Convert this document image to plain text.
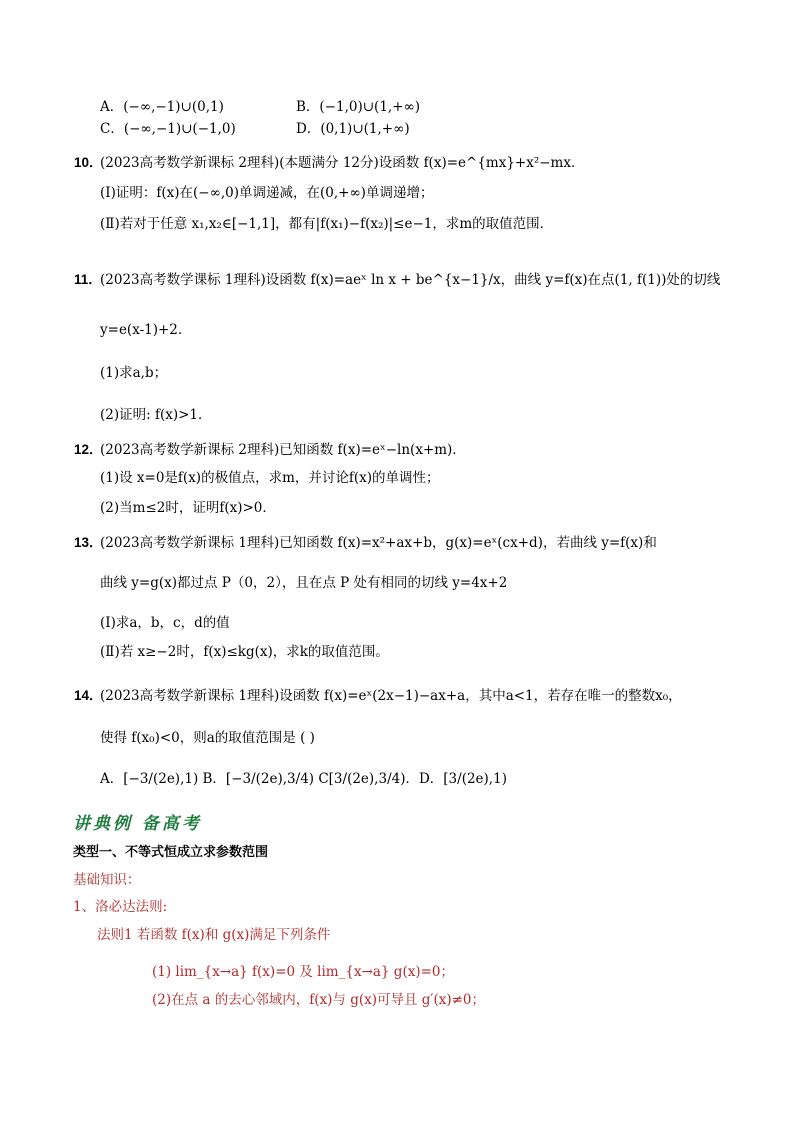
A．(−∞,−1)∪(0,1)	B．(−1,0)∪(1,+∞)
C．(−∞,−1)∪(−1,0)	D．(0,1)∪(1,+∞)
10．
(2023高考数学新课标 2理科)(本题满分 12分)设函数 f(x)=e^{mx}+x²−mx．
(Ⅰ)证明：f(x)在(−∞,0)单调递减，在(0,+∞)单调递增；
(Ⅱ)若对于任意 x₁,x₂∈[−1,1]，都有|f(x₁)−f(x₂)|≤e−1，求m的取值范围．
11．
(2023高考数学课标 1理科)设函数 f(x)=aeˣ ln x + be^{x−1}/x，曲线 y=f(x)在点(1, f(1))处的切线
y=e(x-1)+2．
(1)求a,b；
(2)证明: f(x)>1．
12．
(2023高考数学新课标 2理科)已知函数 f(x)=eˣ−ln(x+m)．
(1)设 x=0是f(x)的极值点，求m，并讨论f(x)的单调性；
(2)当m≤2时，证明f(x)>0．
13．
(2023高考数学新课标 1理科)已知函数 f(x)=x²+ax+b，g(x)=eˣ(cx+d)，若曲线 y=f(x)和
曲线 y=g(x)都过点 P（0，2），且在点 P 处有相同的切线 y=4x+2
(Ⅰ)求a，b，c，d的值
(Ⅱ)若 x≥−2时，f(x)≤kg(x)，求k的取值范围。
14．
(2023高考数学新课标 1理科)设函数 f(x)=eˣ(2x−1)−ax+a，其中a<1，若存在唯一的整数x₀，
使得 f(x₀)<0，则a的取值范围是 ( )
A．[−3/(2e),1) B．[−3/(2e),3/4) C[3/(2e),3/4)．D．[3/(2e),1)
讲典例 备高考
类型一、不等式恒成立求参数范围
基础知识：
1、洛必达法则:
法则1 若函数 f(x)和 g(x)满足下列条件
(1) lim_{x→a} f(x)=0 及 lim_{x→a} g(x)=0；
(2)在点 a 的去心邻域内，f(x)与 g(x)可导且 g′(x)≠0；
